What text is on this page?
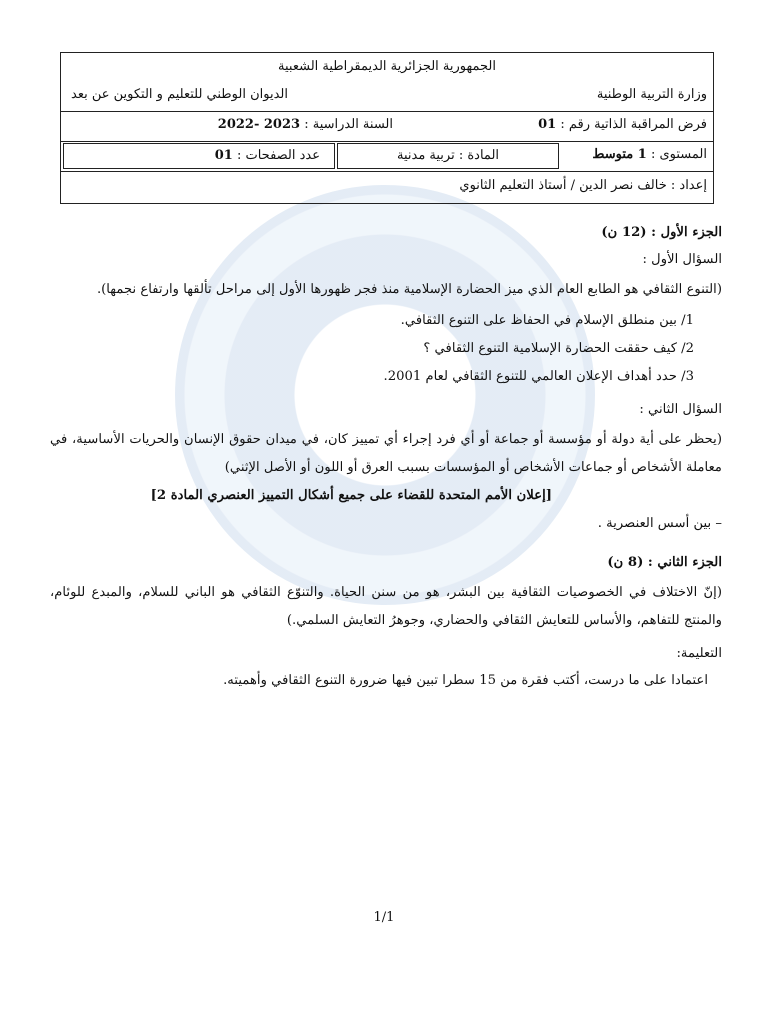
الجمهورية الجزائرية الديمقراطية الشعبية
وزارة التربية الوطنية
الديوان الوطني للتعليم و التكوين عن بعد
فرض المراقبة الذاتية رقم : 01
السنة الدراسية : 2022- 2023
المستوى : 1 متوسط
المادة : تربية مدنية
عدد الصفحات : 01
إعداد : خالف نصر الدين / أستاذ التعليم الثانوي

الجزء الأول : (12 ن)

السؤال الأول :

(التنوع الثقافي هو الطابع العام الذي ميز الحضارة الإسلامية منذ فجر ظهورها الأول إلى مراحل تألقها وارتفاع نجمها).

1/ بين منطلق الإسلام في الحفاظ على التنوع الثقافي.

2/ كيف حققت الحضارة الإسلامية التنوع الثقافي ؟

3/ حدد أهداف الإعلان العالمي للتنوع الثقافي لعام 2001.

السؤال الثاني :

(يحظر على أية دولة أو مؤسسة أو جماعة أو أي فرد إجراء أي تمييز كان، في ميدان حقوق الإنسان والحريات الأساسية، في معاملة الأشخاص أو جماعات الأشخاص أو المؤسسات بسبب العرق أو اللون أو الأصل الإثني)

[إعلان الأمم المتحدة للقضاء على جميع أشكال التمييز العنصري المادة 2]

– بين أسس العنصرية .

الجزء الثاني : (8 ن)

(إنّ الاختلاف في الخصوصيات الثقافية بين البشر، هو من سنن الحياة. والتنوّع الثقافي هو الباني للسلام، والمبدع للوئام، والمنتج للتفاهم، والأساس للتعايش الثقافي والحضاري، وجوهرُ التعايش السلمي.)

التعليمة:

اعتمادا على ما درست، أكتب فقرة من 15 سطرا تبين فيها ضرورة التنوع الثقافي وأهميته.

1/1
